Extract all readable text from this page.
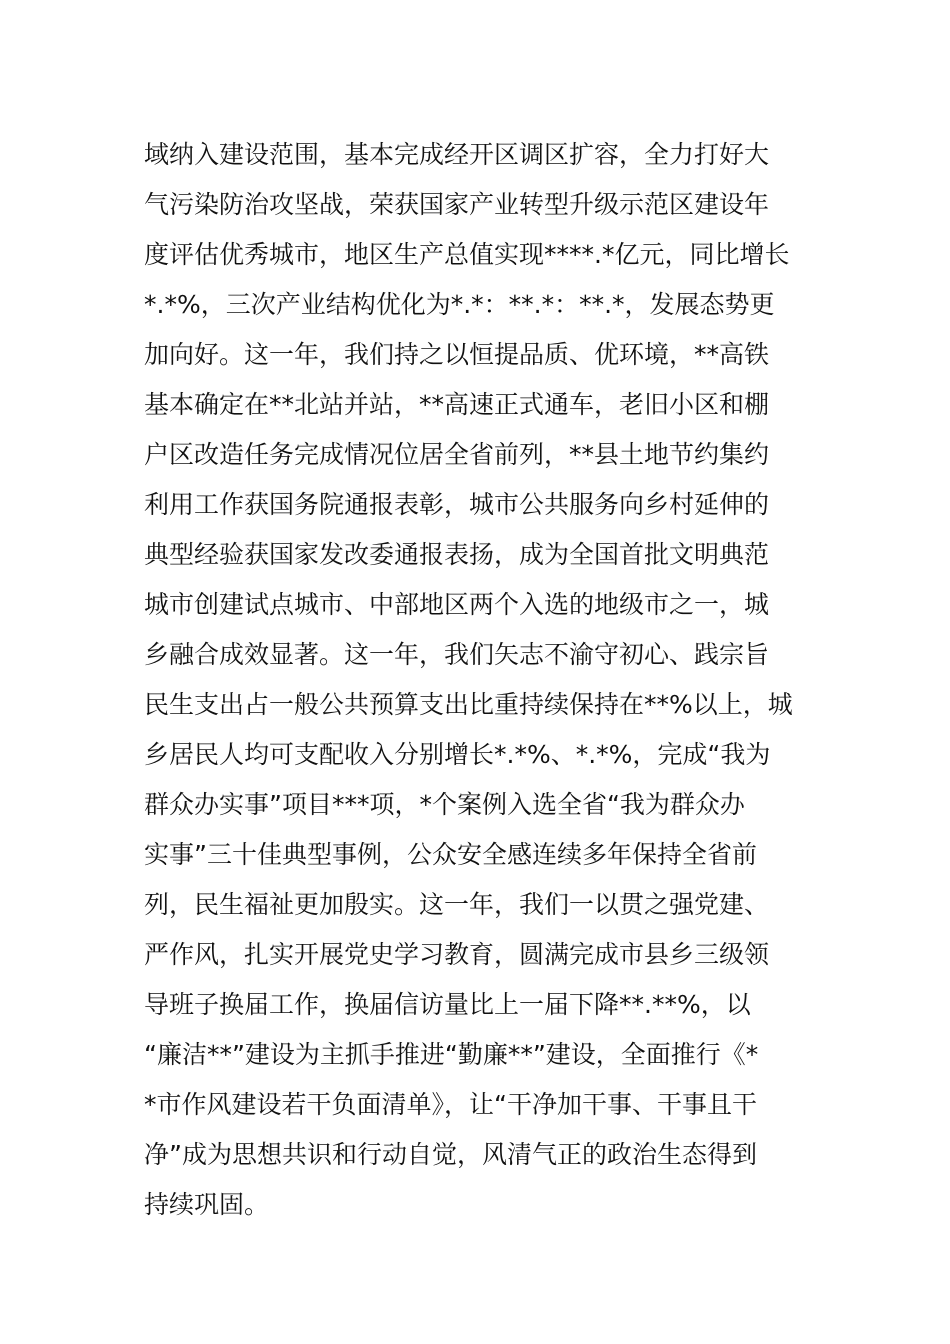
域纳入建设范围，基本完成经开区调区扩容，全力打好大
气污染防治攻坚战，荣获国家产业转型升级示范区建设年
度评估优秀城市，地区生产总值实现****.*亿元，同比增长
*.*%，三次产业结构优化为*.*：**.*：**.*，发展态势更
加向好。这一年，我们持之以恒提品质、优环境，**高铁
基本确定在**北站并站，**高速正式通车，老旧小区和棚
户区改造任务完成情况位居全省前列，**县土地节约集约
利用工作获国务院通报表彰，城市公共服务向乡村延伸的
典型经验获国家发改委通报表扬，成为全国首批文明典范
城市创建试点城市、中部地区两个入选的地级市之一，城
乡融合成效显著。这一年，我们矢志不渝守初心、践宗旨
民生支出占一般公共预算支出比重持续保持在**%以上，城
乡居民人均可支配收入分别增长*.*%、*.*%，完成“我为
群众办实事”项目***项，*个案例入选全省“我为群众办
实事”三十佳典型事例，公众安全感连续多年保持全省前
列，民生福祉更加殷实。这一年，我们一以贯之强党建、
严作风，扎实开展党史学习教育，圆满完成市县乡三级领
导班子换届工作，换届信访量比上一届下降**.**%，以
“廉洁**”建设为主抓手推进“勤廉**”建设，全面推行《*
*市作风建设若干负面清单》，让“干净加干事、干事且干
净”成为思想共识和行动自觉，风清气正的政治生态得到
持续巩固。
